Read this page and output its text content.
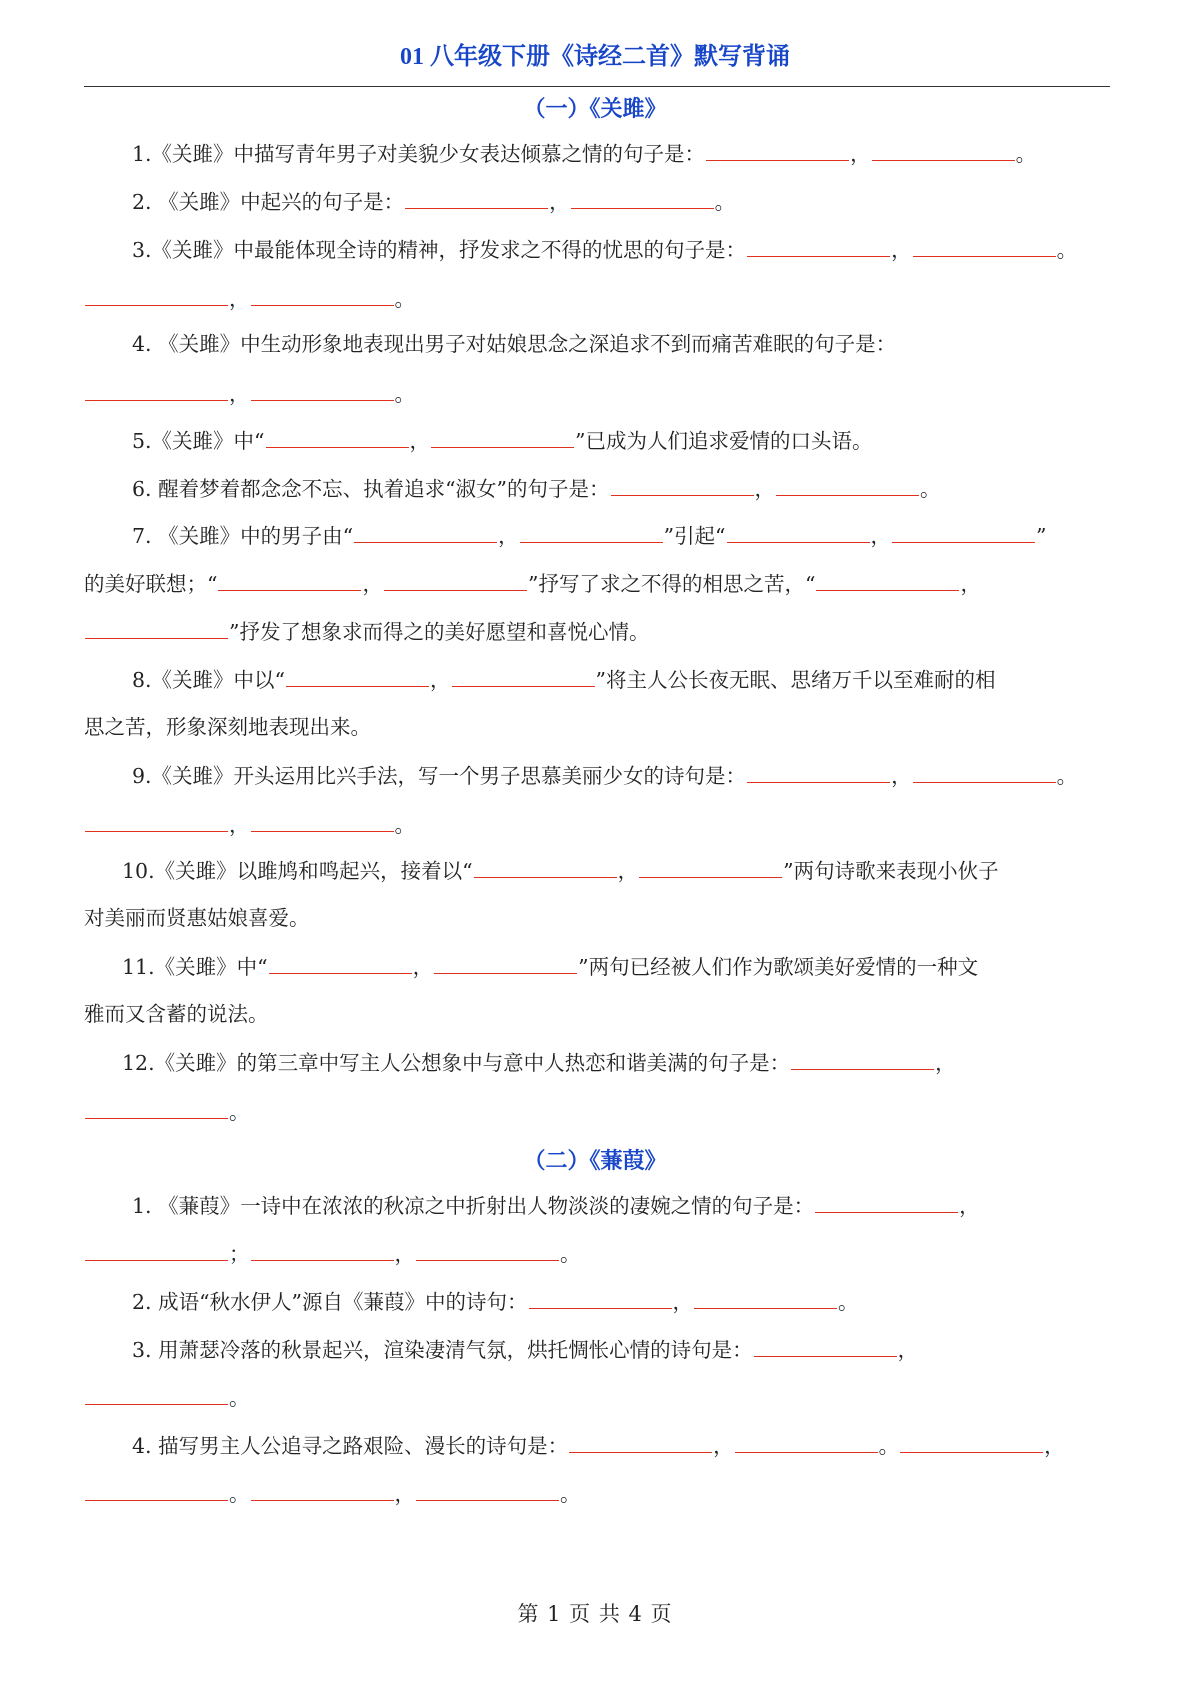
01 八年级下册《诗经二首》默写背诵
（一）《关雎》
1.《关雎》中描写青年男子对美貌少女表达倾慕之情的句子是：	，	。
2. 《关雎》中起兴的句子是：	，	。
3.《关雎》中最能体现全诗的精神，抒发求之不得的忧思的句子是：	，	。
，	。
4. 《关雎》中生动形象地表现出男子对姑娘思念之深追求不到而痛苦难眠的句子是：
，	。
5.《关雎》中“	，	”已成为人们追求爱情的口头语。
6. 醒着梦着都念念不忘、执着追求“淑女”的句子是：	，	。
7. 《关雎》中的男子由“	，	”引起“	，	”
的美好联想；“	，	”抒写了求之不得的相思之苦，“	，
”抒发了想象求而得之的美好愿望和喜悦心情。
8.《关雎》中以“	，	”将主人公长夜无眠、思绪万千以至难耐的相
思之苦，形象深刻地表现出来。
9.《关雎》开头运用比兴手法，写一个男子思慕美丽少女的诗句是：	，	。
，	。
10.《关雎》以雎鸠和鸣起兴，接着以“	，	”两句诗歌来表现小伙子
对美丽而贤惠姑娘喜爱。
11.《关雎》中“	，	”两句已经被人们作为歌颂美好爱情的一种文
雅而又含蓄的说法。
12.《关雎》的第三章中写主人公想象中与意中人热恋和谐美满的句子是：	，
。
（二）《蒹葭》
1. 《蒹葭》一诗中在浓浓的秋凉之中折射出人物淡淡的凄婉之情的句子是：	，
；	，	。
2. 成语“秋水伊人”源自《蒹葭》中的诗句：	，	。
3. 用萧瑟冷落的秋景起兴，渲染凄清气氛，烘托惆怅心情的诗句是：	，
。
4. 描写男主人公追寻之路艰险、漫长的诗句是：	，	。	，
。	，	。
第 1 页 共 4 页
